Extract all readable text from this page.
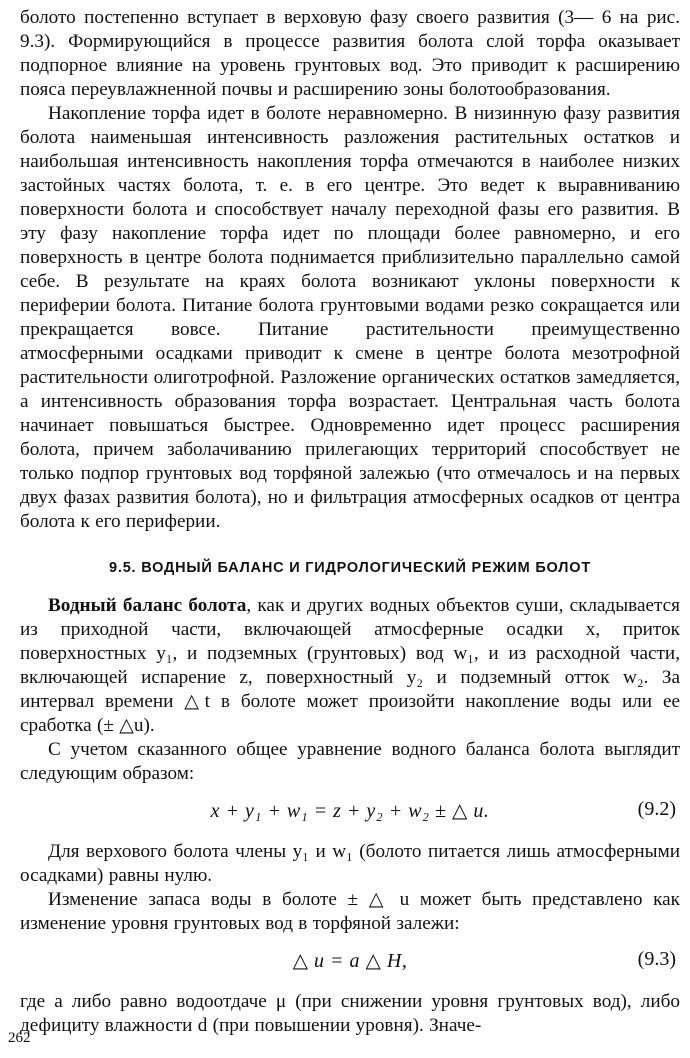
болото постепенно вступает в верховую фазу своего развития (3— 6 на рис. 9.3). Формирующийся в процессе развития болота слой торфа оказывает подпорное влияние на уровень грунтовых вод. Это приводит к расширению пояса переувлажненной почвы и расширению зоны болотообразования.

Накопление торфа идет в болоте неравномерно. В низинную фазу развития болота наименьшая интенсивность разложения растительных остатков и наибольшая интенсивность накопления торфа отмечаются в наиболее низких застойных частях болота, т. е. в его центре. Это ведет к выравниванию поверхности болота и способствует началу переходной фазы его развития. В эту фазу накопление торфа идет по площади более равномерно, и его поверхность в центре болота поднимается приблизительно параллельно самой себе. В результате на краях болота возникают уклоны поверхности к периферии болота. Питание болота грунтовыми водами резко сокращается или прекращается вовсе. Питание растительности преимущественно атмосферными осадками приводит к смене в центре болота мезотрофной растительности олиготрофной. Разложение органических остатков замедляется, а интенсивность образования торфа возрастает. Центральная часть болота начинает повышаться быстрее. Одновременно идет процесс расширения болота, причем заболачиванию прилегающих территорий способствует не только подпор грунтовых вод торфяной залежью (что отмечалось и на первых двух фазах развития болота), но и фильтрация атмосферных осадков от центра болота к его периферии.

9.5. ВОДНЫЙ БАЛАНС И ГИДРОЛОГИЧЕСКИЙ РЕЖИМ БОЛОТ

Водный баланс болота, как и других водных объектов суши, складывается из приходной части, включающей атмосферные осадки x, приток поверхностных y₁, и подземных (грунтовых) вод w₁, и из расходной части, включающей испарение z, поверхностный y₂ и подземный отток w₂. За интервал времени △t в болоте может произойти накопление воды или ее сработка (± △u).

С учетом сказанного общее уравнение водного баланса болота выглядит следующим образом:

x + y₁ + w₁ = z + y₂ + w₂ ± △ u.	(9.2)

Для верхового болота члены y₁ и w₁ (болото питается лишь атмосферными осадками) равны нулю.

Изменение запаса воды в болоте ± △ u может быть представлено как изменение уровня грунтовых вод в торфяной залежи:

△ u = a △ H,	(9.3)

где a либо равно водоотдаче μ (при снижении уровня грунтовых вод), либо дефициту влажности d (при повышении уровня). Значе-

262
